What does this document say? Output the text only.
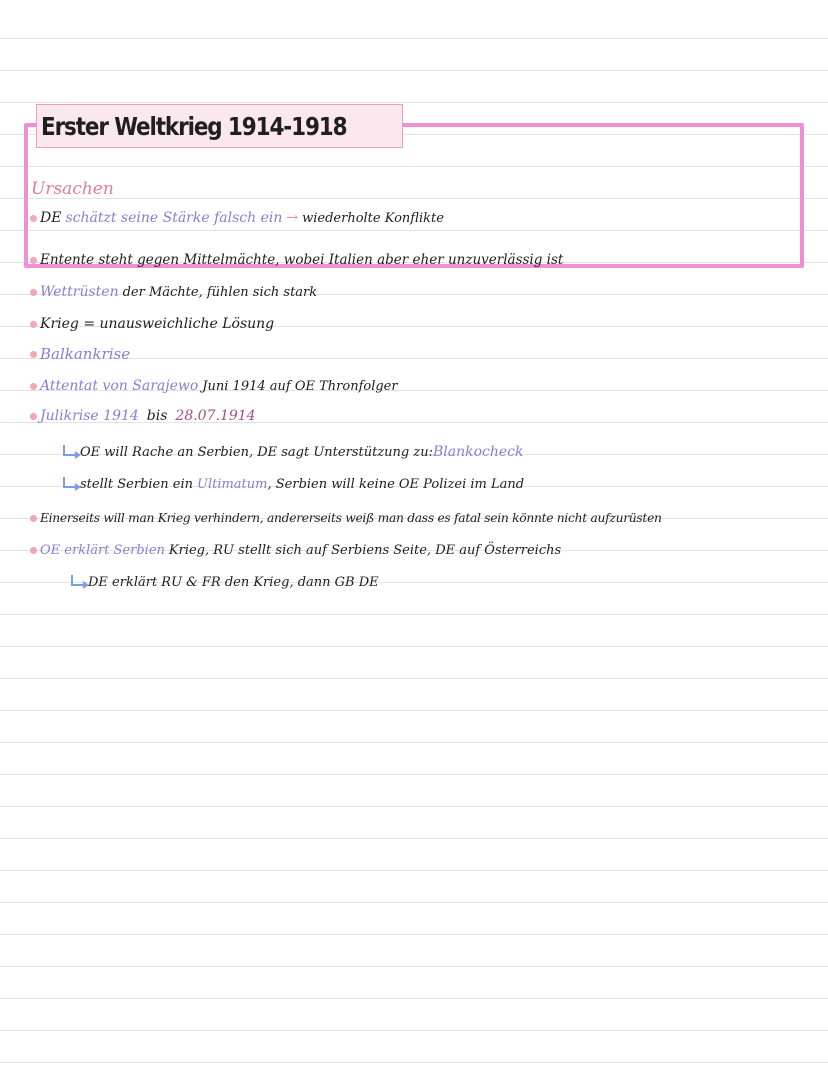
Erster Weltkrieg 1914-1918
Ursachen
DE schätzt seine Stärke falsch ein → wiederholte Konflikte
Entente steht gegen Mittelmächte, wobei Italien aber eher unzuverlässig ist
Wettrüsten der Mächte, fühlen sich stark
Krieg = unausweichliche Lösung
Balkankrise
Attentat von Sarajewo Juni 1914 auf OE Thronfolger
Julikrise 1914 bis 28.07.1914
OE will Rache an Serbien, DE sagt Unterstützung zu: Blankocheck
stellt Serbien ein Ultimatum , Serbien will keine OE Polizei im Land
Einerseits will man Krieg verhindern, andererseits weiß man dass es fatal sein könnte nicht aufzurüsten
OE erklärt Serbien Krieg, RU stellt sich auf Serbiens Seite, DE auf Österreichs
DE erklärt RU & FR den Krieg, dann GB DE
